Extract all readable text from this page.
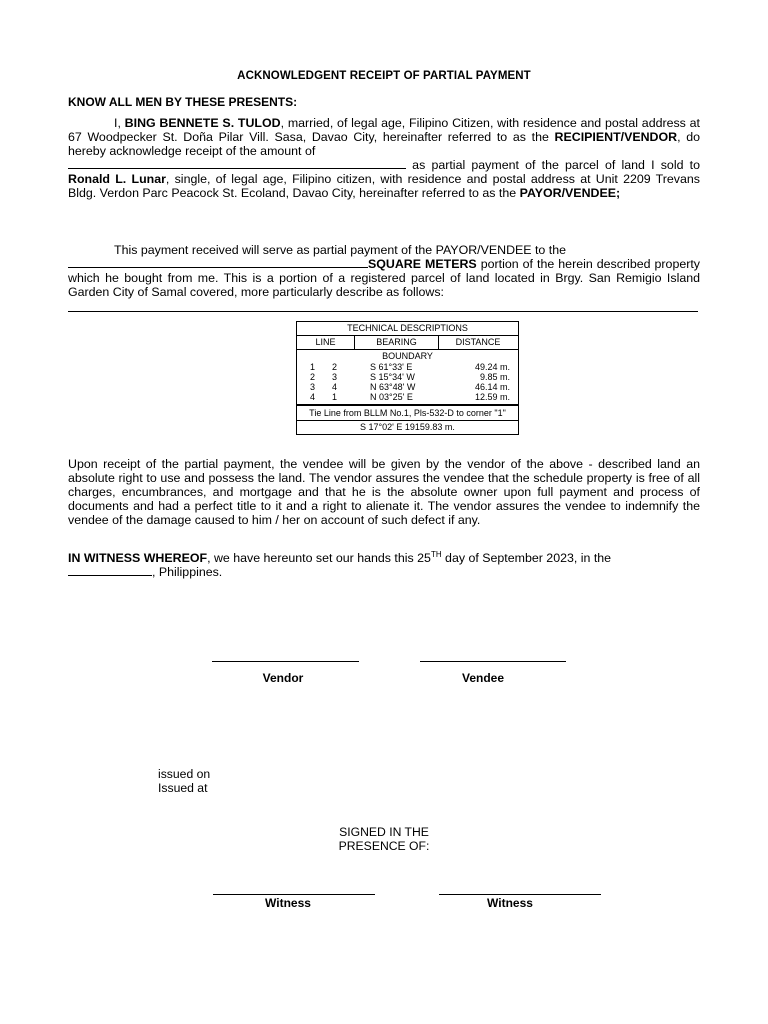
ACKNOWLEDGENT RECEIPT OF PARTIAL PAYMENT
KNOW ALL MEN BY THESE PRESENTS:
I, BING BENNETE S. TULOD, married, of legal age, Filipino Citizen, with residence and postal address at 67 Woodpecker St. Doña Pilar Vill. Sasa, Davao City, hereinafter referred to as the RECIPIENT/VENDOR, do hereby acknowledge receipt of the amount of
as partial payment of the parcel of land I sold to Ronald L. Lunar, single, of legal age, Filipino citizen, with residence and postal address at Unit 2209 Trevans Bldg. Verdon Parc Peacock St. Ecoland, Davao City, hereinafter referred to as the PAYOR/VENDEE;
This payment received will serve as partial payment of the PAYOR/VENDEE to the
SQUARE METERS portion of the herein described property which he bought from me. This is a portion of a registered parcel of land located in Brgy. San Remigio Island Garden City of Samal covered, more particularly describe as follows:
TECHNICAL DESCRIPTIONS
LINE	BEARING	DISTANCE
BOUNDARY
1	2	S 61°33' E	49.24 m.
2	3	S 15°34' W	9.85 m.
3	4	N 63°48' W	46.14 m.
4	1	N 03°25' E	12.59 m.
Tie Line from BLLM No.1, Pls-532-D to corner "1"
S 17°02' E 19159.83 m.
Upon receipt of the partial payment, the vendee will be given by the vendor of the above - described land an absolute right to use and possess the land. The vendor assures the vendee that the schedule property is free of all charges, encumbrances, and mortgage and that he is the absolute owner upon full payment and process of documents and had a perfect title to it and a right to alienate it. The vendor assures the vendee to indemnify the vendee of the damage caused to him / her on account of such defect if any.
IN WITNESS WHEREOF, we have hereunto set our hands this 25TH day of September 2023, in the
, Philippines.
Vendor	Vendee
issued on
Issued at
SIGNED IN THE
PRESENCE OF:
Witness	Witness
